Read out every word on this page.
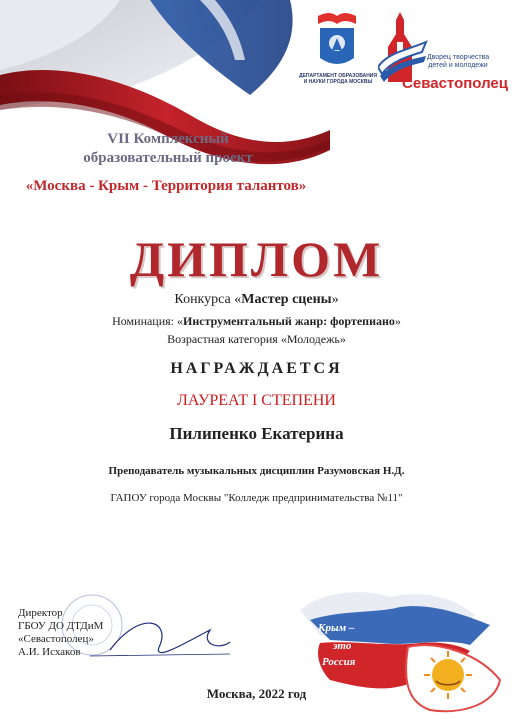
ДЕПАРТАМЕНТ ОБРАЗОВАНИЯ И НАУКИ ГОРОДА МОСКВЫ
Дворец творчества детей и молодежи
Севастополец
VII Комплексный
образовательный проект
«Москва - Крым - Территория талантов»
ДИПЛОМ
Конкурса «Мастер сцены»
Номинация: «Инструментальный жанр: фортепиано»
Возрастная категория «Молодежь»
НАГРАЖДАЕТСЯ
ЛАУРЕАТ I СТЕПЕНИ
Пилипенко Екатерина
Преподаватель музыкальных дисциплин Разумовская Н.Д.
ГАПОУ города Москвы "Колледж предпринимательства №11"
Директор
ГБОУ ДО ДТДиМ
«Севастополец»
А.И. Исхаков
Крым –
это
Россия
Москва, 2022 год
